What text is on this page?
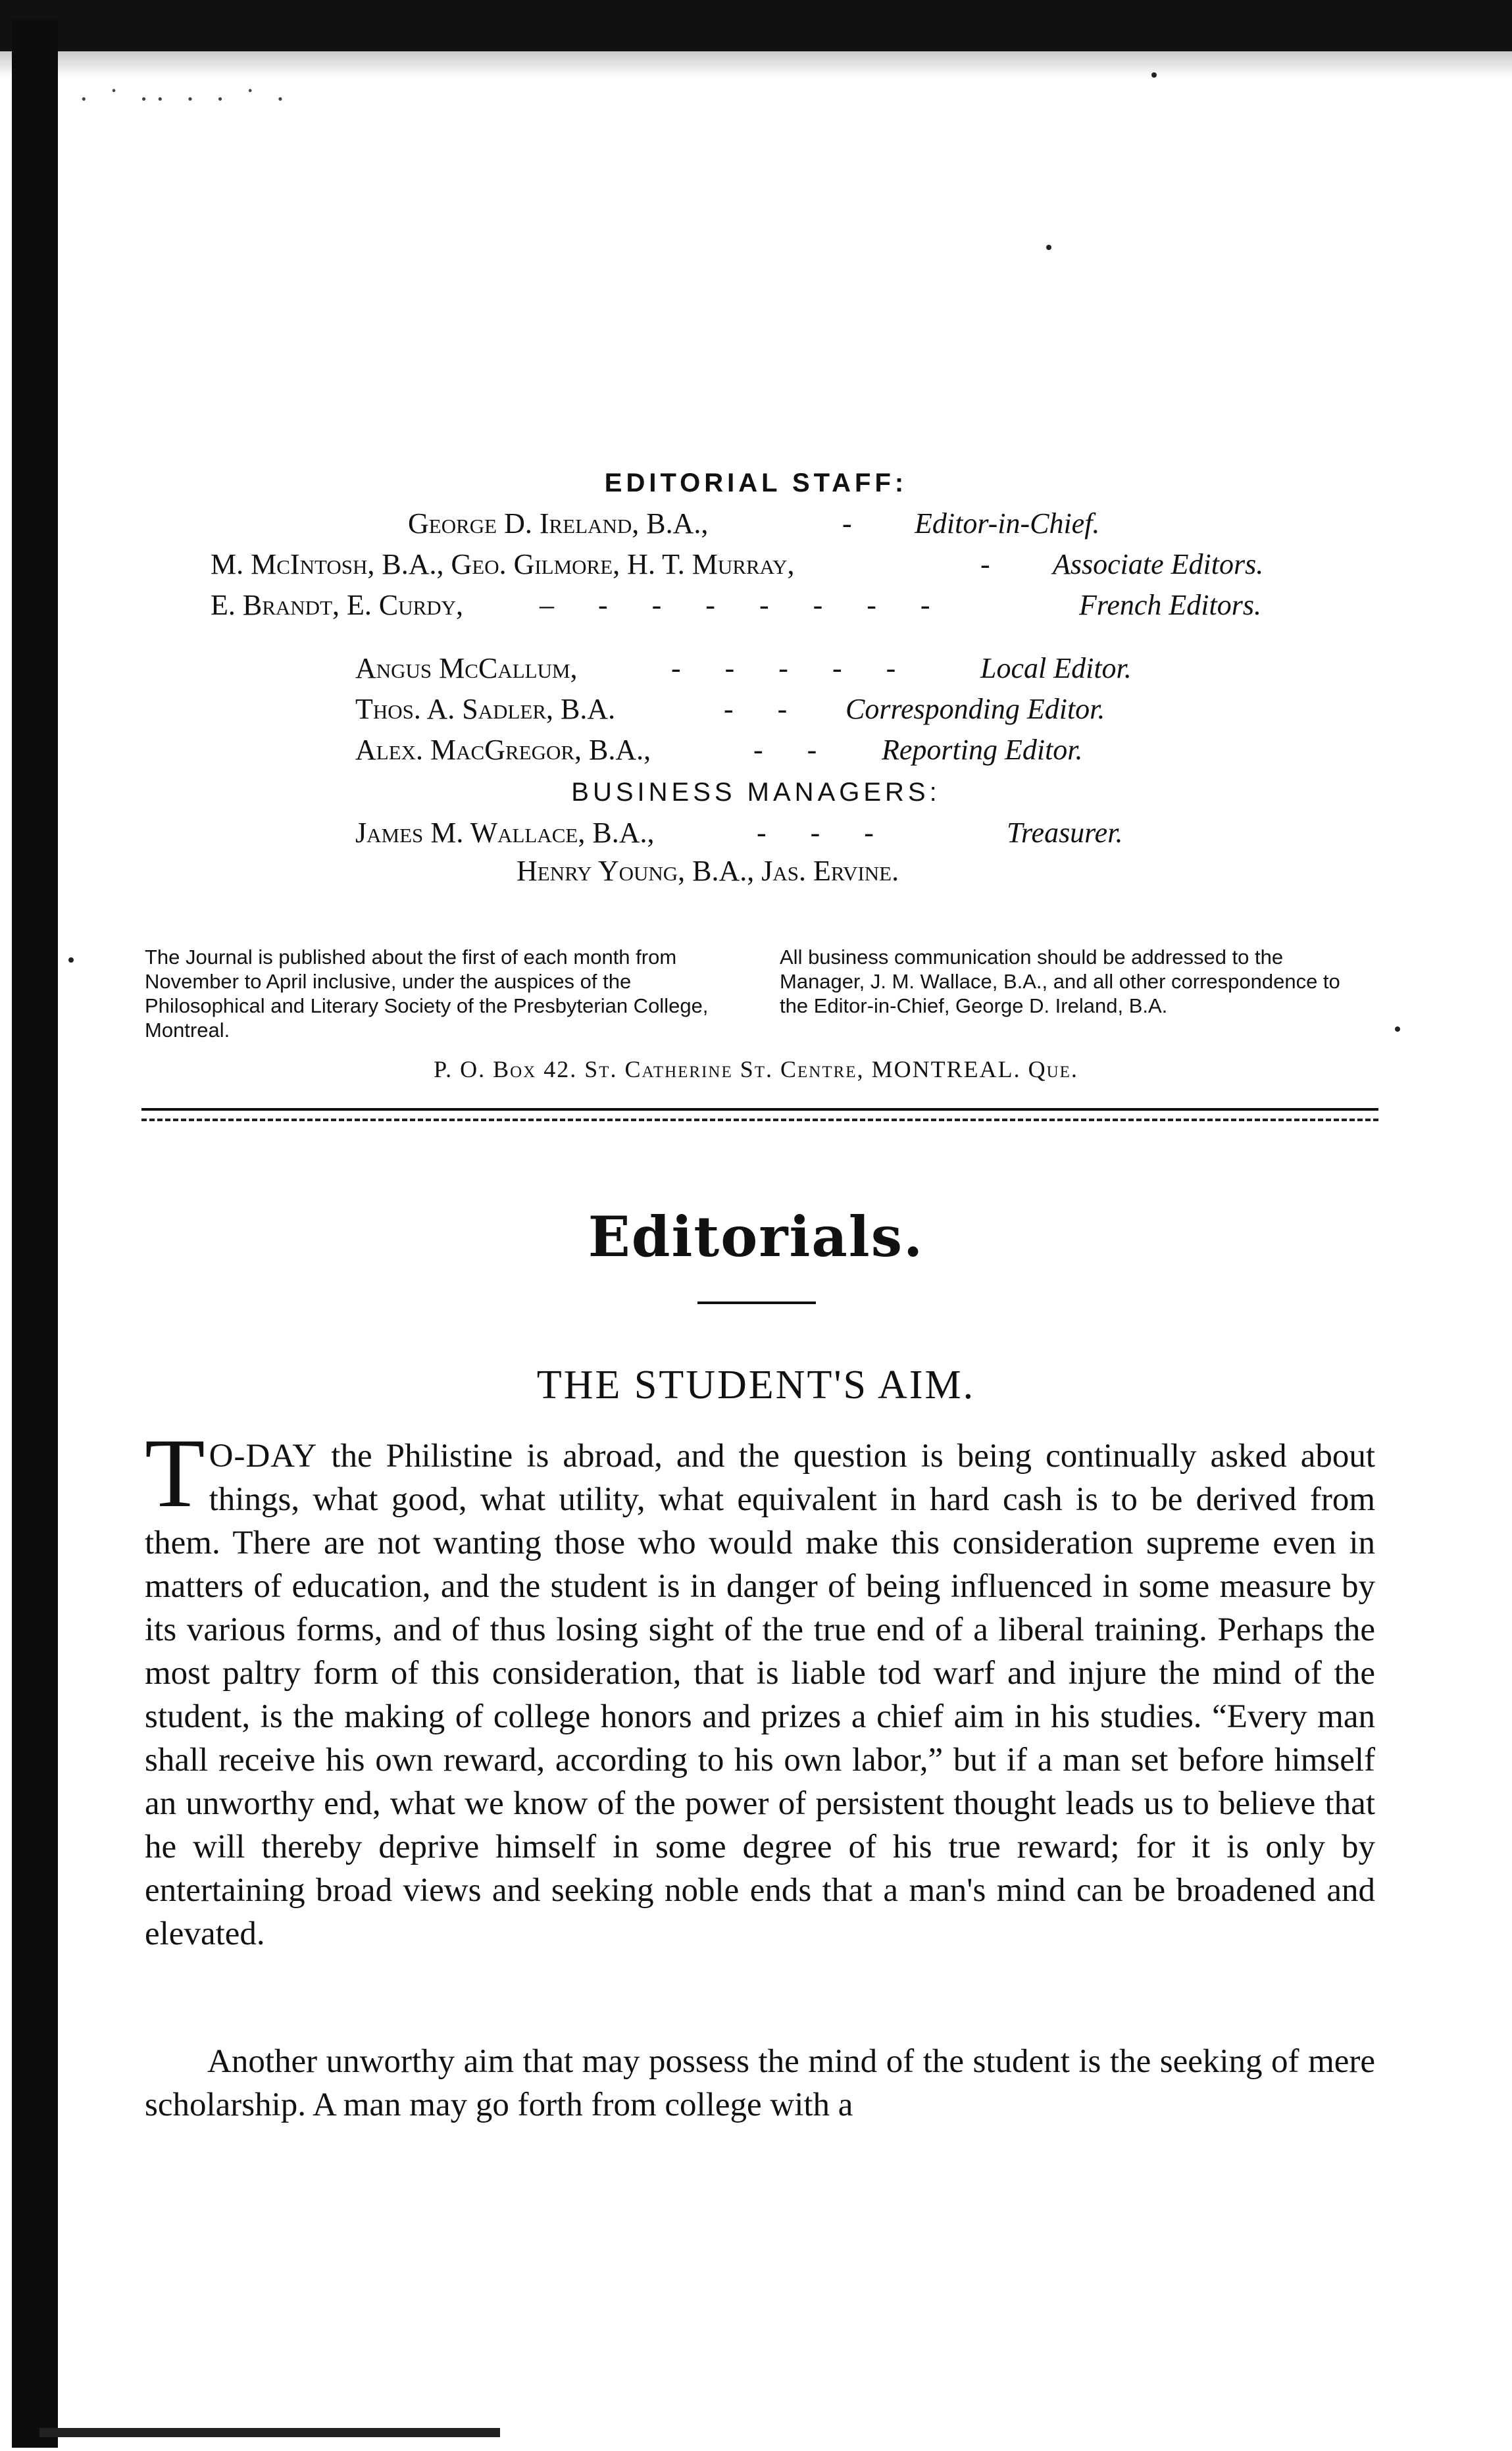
· ˙ ·· · · ˙ ·
EDITORIAL STAFF:
George D. Ireland, B.A.,	- Editor-in-Chief.
M. McIntosh, B.A., Geo. Gilmore, H. T. Murray,	- Associate Editors.
E. Brandt, E. Curdy,	– - - - - - - -	French Editors.
Angus McCallum,	- - - - - Local Editor.
Thos. A. Sadler, B.A.	- - Corresponding Editor.
Alex. MacGregor, B.A.,	- - Reporting Editor.
BUSINESS MANAGERS:
James M. Wallace, B.A.,	- - -	Treasurer.
Henry Young, B.A., Jas. Ervine.
The Journal is published about the first of each month from November to April inclusive, under the auspices of the Philosophical and Literary Society of the Presbyterian College, Montreal.
All business communication should be addressed to the Manager, J. M. Wallace, B.A., and all other correspondence to the Editor-in-Chief, George D. Ireland, B.A.
P. O. Box 42. St. Catherine St. Centre, MONTREAL. Que.
Editorials.
THE STUDENT'S AIM.
T O-DAY the Philistine is abroad, and the question is being continually asked about things, what good, what utility, what equivalent in hard cash is to be derived from them. There are not wanting those who would make this consideration supreme even in matters of education, and the student is in danger of being influenced in some measure by its various forms, and of thus losing sight of the true end of a liberal training. Perhaps the most paltry form of this consideration, that is liable tod warf and injure the mind of the student, is the making of college honors and prizes a chief aim in his studies. “Every man shall receive his own reward, according to his own labor,” but if a man set before himself an unworthy end, what we know of the power of persistent thought leads us to believe that he will thereby deprive himself in some degree of his true reward; for it is only by entertaining broad views and seeking noble ends that a man's mind can be broadened and elevated.
Another unworthy aim that may possess the mind of the student is the seeking of mere scholarship. A man may go forth from college with a
